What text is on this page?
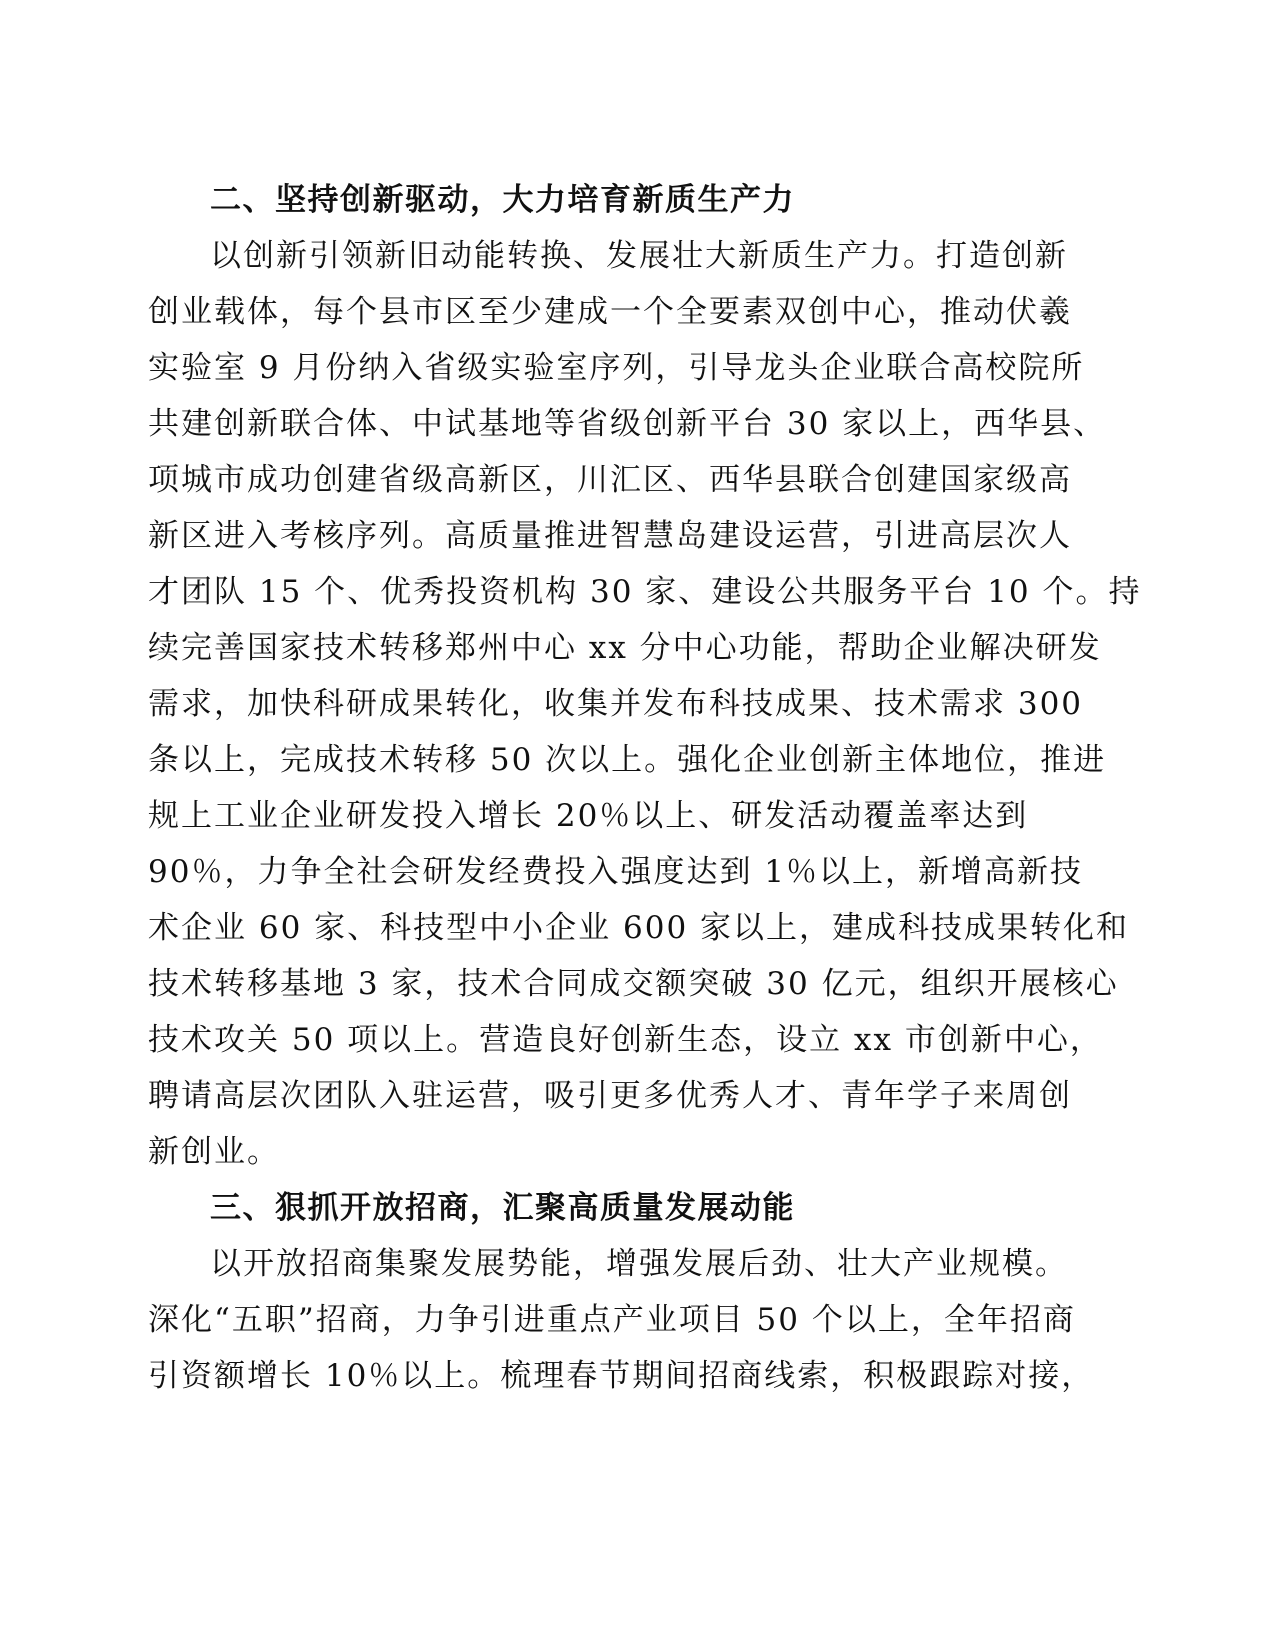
二、坚持创新驱动，大力培育新质生产力
以创新引领新旧动能转换、发展壮大新质生产力。打造创新
创业载体，每个县市区至少建成一个全要素双创中心，推动伏羲
实验室 9 月份纳入省级实验室序列，引导龙头企业联合高校院所
共建创新联合体、中试基地等省级创新平台 30 家以上，西华县、
项城市成功创建省级高新区，川汇区、西华县联合创建国家级高
新区进入考核序列。高质量推进智慧岛建设运营，引进高层次人
才团队 15 个、优秀投资机构 30 家、建设公共服务平台 10 个。持
续完善国家技术转移郑州中心 xx 分中心功能，帮助企业解决研发
需求，加快科研成果转化，收集并发布科技成果、技术需求 300
条以上，完成技术转移 50 次以上。强化企业创新主体地位，推进
规上工业企业研发投入增长 20％以上、研发活动覆盖率达到
90％，力争全社会研发经费投入强度达到 1％以上，新增高新技
术企业 60 家、科技型中小企业 600 家以上，建成科技成果转化和
技术转移基地 3 家，技术合同成交额突破 30 亿元，组织开展核心
技术攻关 50 项以上。营造良好创新生态，设立 xx 市创新中心，
聘请高层次团队入驻运营，吸引更多优秀人才、青年学子来周创
新创业。
三、狠抓开放招商，汇聚高质量发展动能
以开放招商集聚发展势能，增强发展后劲、壮大产业规模。
深化“五职”招商，力争引进重点产业项目 50 个以上，全年招商
引资额增长 10％以上。梳理春节期间招商线索，积极跟踪对接，
